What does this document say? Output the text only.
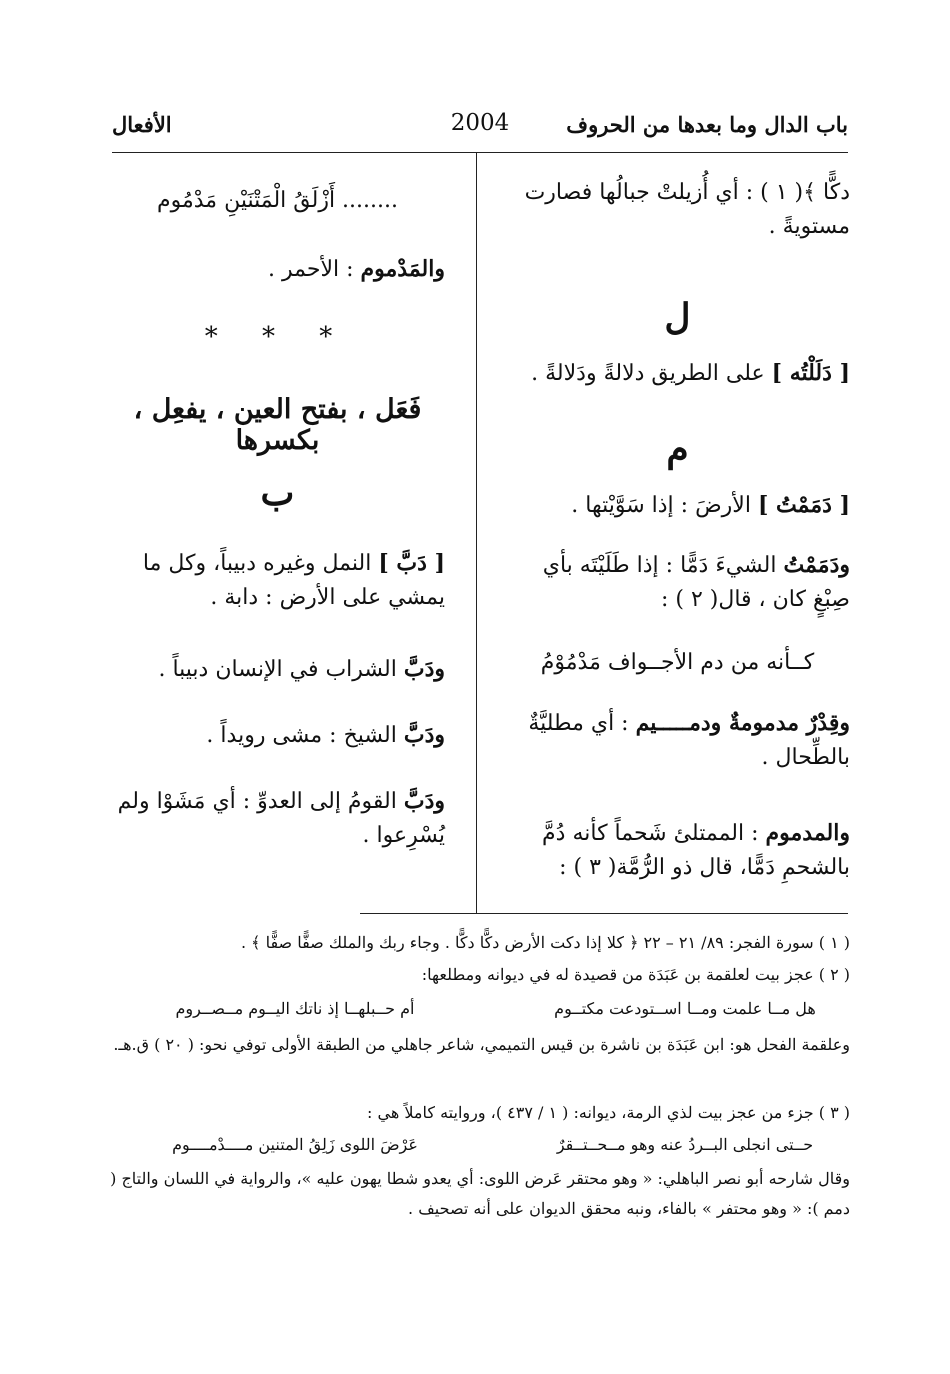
باب الدال وما بعدها من الحروف
2004
الأفعال
دكًّا ﴾( ١ ) : أي أُزيلتْ جبالُها فصارت مستويةً .
ل
[ دَلَلْتُه ] على الطريق دلالةً ودَلالةً .
م
[ دَمَمْتُ ] الأرضَ : إذا سَوَّيْتها .
ودَمَمْتُ الشيءَ دَمًّا : إذا طَلَيْتَه بأي صِبْغٍ كان ، قال( ٢ ) :
كــأنه من دم الأجــواف مَدْمُوْمُ
وقِدْرٌ مدمومةٌ ودمـــــيم : أي مطليَّةٌ بالطِّحال .
والمدموم : الممتلئ شَحماً كأنه دُمَّ بالشحمِ دَمًّا، قال ذو الرُّمَّة( ٣ ) :
........ أَزْلَقُ الْمَتْنَيْنِ مَدْمُوم
والمَدْموم : الأحمر .
* * *
فَعَل ، بفتح العين ، يفعِل ، بكسرها
ب
[ دَبَّ ] النمل وغيره دبيباً، وكل ما يمشي على الأرض : دابة .
ودَبَّ الشراب في الإنسان دبيباً .
ودَبَّ الشيخ : مشى رويداً .
ودَبَّ القومُ إلى العدوِّ : أي مَشَوْا ولم يُسْرِعوا .
( ١ ) سورة الفجر: ٨٩/ ٢١ – ٢٢ ﴿ كلا إذا دكت الأرض دكًّا دكًّا . وجاء ربك والملك صفًّا صفًّا ﴾ .
( ٢ ) عجز بيت لعلقمة بن عَبَدَة من قصيدة له في ديوانه ومطلعها:
هل مــا علمت ومــا اســتودعت مكتــومأم حــبلهــا إذ ناتك اليــوم مــصــروم
وعلقمة الفحل هو: ابن عَبَدَة بن ناشرة بن قيس التميمي، شاعر جاهلي من الطبقة الأولى توفي نحو: ( ٢٠ ) ق.هـ.
( ٣ ) جزء من عجز بيت لذي الرمة، ديوانه: ( ١ / ٤٣٧ )، وروايته كاملاً هي :
حــتى انجلى البــردُ عنه وهو مــحــتــقرٌعَرْضَ اللوى زَلِقُ المتنين مــــدْمــــوم
وقال شارحه أبو نصر الباهلي: « وهو محتقر عَرض اللوى: أي يعدو شطا يهون عليه »، والرواية في اللسان والتاج ( دمم ): « وهو محتفر » بالفاء، ونبه محقق الديوان على أنه تصحيف .
